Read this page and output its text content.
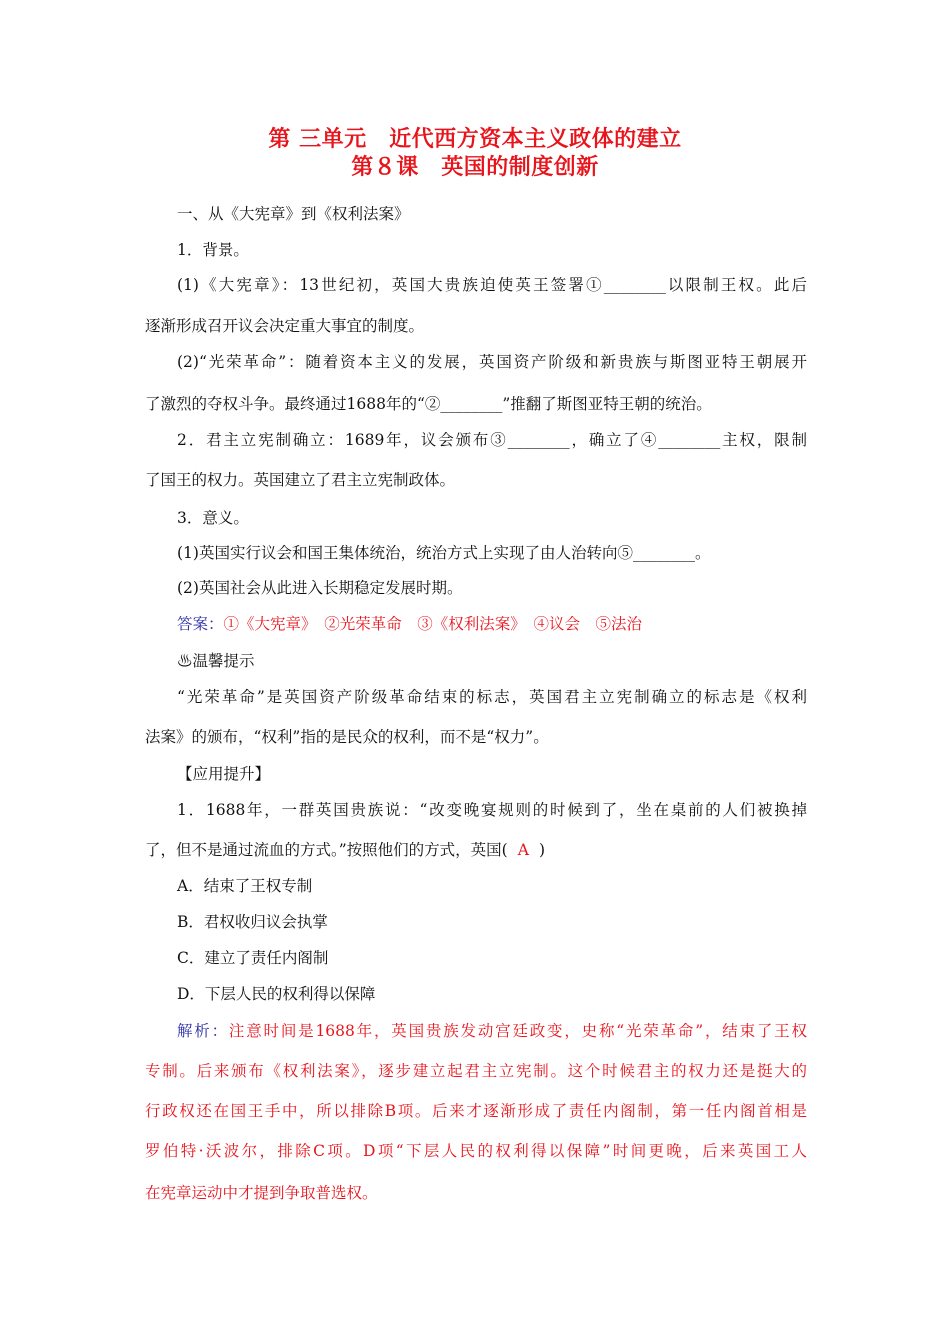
第 三单元　近代西方资本主义政体的建立
第８课　英国的制度创新
一、从《大宪章》到《权利法案》
1．背景。
(1)《大宪章》：13世纪初，英国大贵族迫使英王签署①________以限制王权。此后
逐渐形成召开议会决定重大事宜的制度。
(2)“光荣革命”：随着资本主义的发展，英国资产阶级和新贵族与斯图亚特王朝展开
了激烈的夺权斗争。最终通过1688年的“②________”推翻了斯图亚特王朝的统治。
2．君主立宪制确立：1689年，议会颁布③________，确立了④________主权，限制
了国王的权力。英国建立了君主立宪制政体。
3．意义。
(1)英国实行议会和国王集体统治，统治方式上实现了由人治转向⑤________。
(2)英国社会从此进入长期稳定发展时期。
答案：①《大宪章》　②光荣革命　③《权利法案》　④议会　⑤法治
♨温馨提示
“光荣革命”是英国资产阶级革命结束的标志，英国君主立宪制确立的标志是《权利
法案》的颁布，“权利”指的是民众的权利，而不是“权力”。
【应用提升】
1．1688年，一群英国贵族说：“改变晚宴规则的时候到了，坐在桌前的人们被换掉
了，但不是通过流血的方式。”按照他们的方式，英国( A )
A．结束了王权专制
B．君权收归议会执掌
C．建立了责任内阁制
D．下层人民的权利得以保障
解析：注意时间是1688年，英国贵族发动宫廷政变，史称“光荣革命”，结束了王权
专制。后来颁布《权利法案》，逐步建立起君主立宪制。这个时候君主的权力还是挺大的
行政权还在国王手中，所以排除B项。后来才逐渐形成了责任内阁制，第一任内阁首相是
罗伯特·沃波尔，排除C项。D项“下层人民的权利得以保障”时间更晚，后来英国工人
在宪章运动中才提到争取普选权。
